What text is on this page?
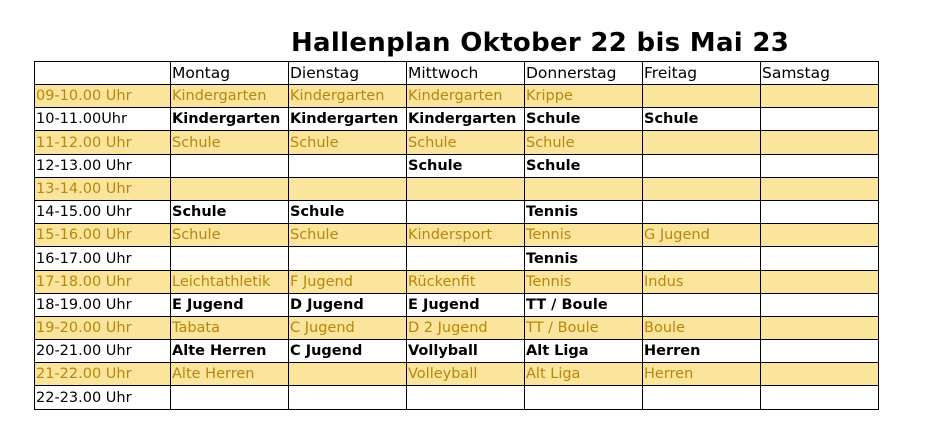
Hallenplan Oktober 22 bis Mai 23
	Montag	Dienstag	Mittwoch	Donnerstag	Freitag	Samstag
09-10.00 Uhr	Kindergarten	Kindergarten	Kindergarten	Krippe		
10-11.00Uhr	Kindergarten	Kindergarten	Kindergarten	Schule	Schule	
11-12.00 Uhr	Schule	Schule	Schule	Schule		
12-13.00 Uhr			Schule	Schule		
13-14.00 Uhr						
14-15.00 Uhr	Schule	Schule		Tennis		
15-16.00 Uhr	Schule	Schule	Kindersport	Tennis	G Jugend	
16-17.00 Uhr				Tennis		
17-18.00 Uhr	Leichtathletik	F Jugend	Rückenfit	Tennis	Indus	
18-19.00 Uhr	E Jugend	D Jugend	E Jugend	TT / Boule		
19-20.00 Uhr	Tabata	C Jugend	D 2 Jugend	TT / Boule	Boule	
20-21.00 Uhr	Alte Herren	C Jugend	Vollyball	Alt Liga	Herren	
21-22.00 Uhr	Alte Herren		Volleyball	Alt Liga	Herren	
22-23.00 Uhr						
